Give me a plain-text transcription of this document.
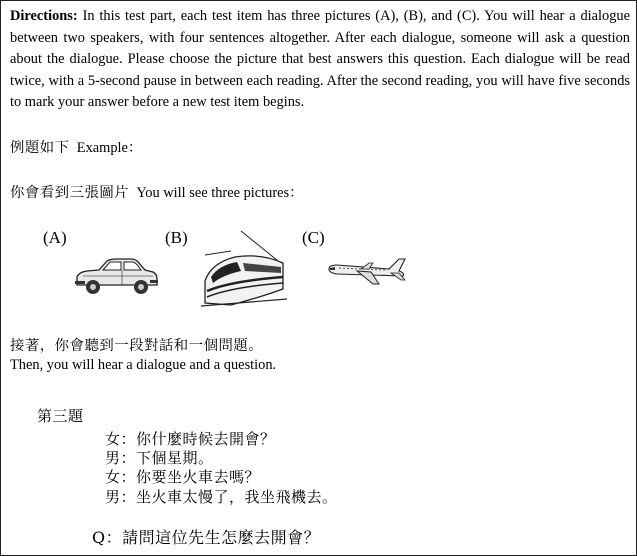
Directions: In this test part, each test item has three pictures (A), (B), and (C). You will hear a dialogue between two speakers, with four sentences altogether. After each dialogue, someone will ask a question about the dialogue. Please choose the picture that best answers this question. Each dialogue will be read twice, with a 5-second pause in between each reading. After the second reading, you will have five seconds to mark your answer before a new test item begins.
例題如下 Example：
你會看到三張圖片 You will see three pictures：
(A)	(B)	(C)
接著，你會聽到一段對話和一個問題。
Then, you will hear a dialogue and a question.
第三題
女：你什麼時候去開會？
男：下個星期。
女：你要坐火車去嗎？
男：坐火車太慢了，我坐飛機去。
Q：請問這位先生怎麼去開會？
